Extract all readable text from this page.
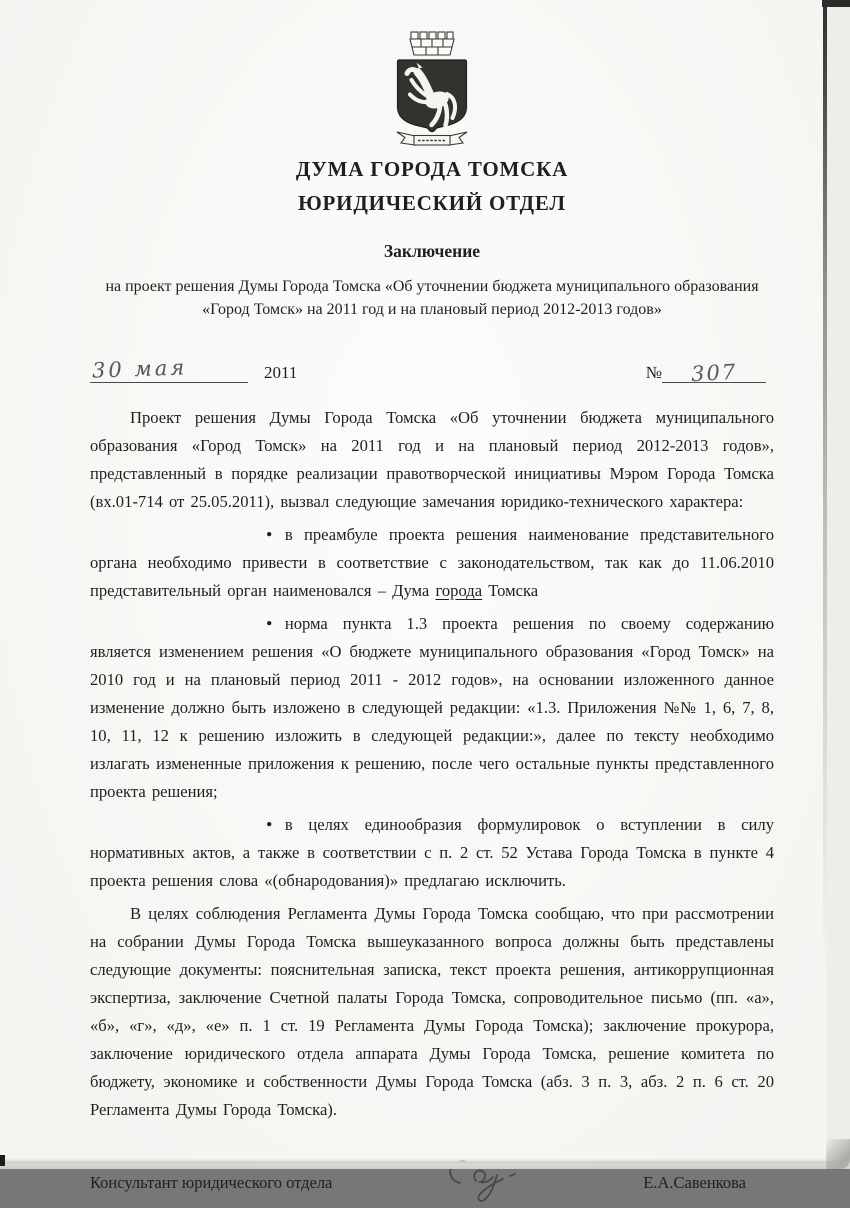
ДУМА ГОРОДА ТОМСКА
ЮРИДИЧЕСКИЙ ОТДЕЛ
Заключение
на проект решения Думы Города Томска «Об уточнении бюджета муниципального образования
«Город Томск» на 2011 год и на плановый период 2012-2013 годов»
30 мая	2011	№	307

Проект решения Думы Города Томска «Об уточнении бюджета муниципального образования «Город Томск» на 2011 год и на плановый период 2012-2013 годов», представленный в порядке реализации правотворческой инициативы Мэром Города Томска (вх.01-714 от 25.05.2011), вызвал следующие замечания юридико-технического характера:

• в преамбуле проекта решения наименование представительного органа необходимо привести в соответствие с законодательством, так как до 11.06.2010 представительный орган наименовался – Дума города Томска

• норма пункта 1.3 проекта решения по своему содержанию является изменением решения «О бюджете муниципального образования «Город Томск» на 2010 год и на плановый период 2011 - 2012 годов», на основании изложенного данное изменение должно быть изложено в следующей редакции: «1.3. Приложения №№ 1, 6, 7, 8, 10, 11, 12 к решению изложить в следующей редакции:», далее по тексту необходимо излагать измененные приложения к решению, после чего остальные пункты представленного проекта решения;

• в целях единообразия формулировок о вступлении в силу нормативных актов, а также в соответствии с п. 2 ст. 52 Устава Города Томска в пункте 4 проекта решения слова «(обнародования)» предлагаю исключить.

В целях соблюдения Регламента Думы Города Томска сообщаю, что при рассмотрении на собрании Думы Города Томска вышеуказанного вопроса должны быть представлены следующие документы: пояснительная записка, текст проекта решения, антикоррупционная экспертиза, заключение Счетной палаты Города Томска, сопроводительное письмо (пп. «а», «б», «г», «д», «е» п. 1 ст. 19 Регламента Думы Города Томска); заключение прокурора, заключение юридического отдела аппарата Думы Города Томска, решение комитета по бюджету, экономике и собственности Думы Города Томска (абз. 3 п. 3, абз. 2 п. 6 ст. 20 Регламента Думы Города Томска).

Консультант юридического отдела	Е.А.Савенкова
